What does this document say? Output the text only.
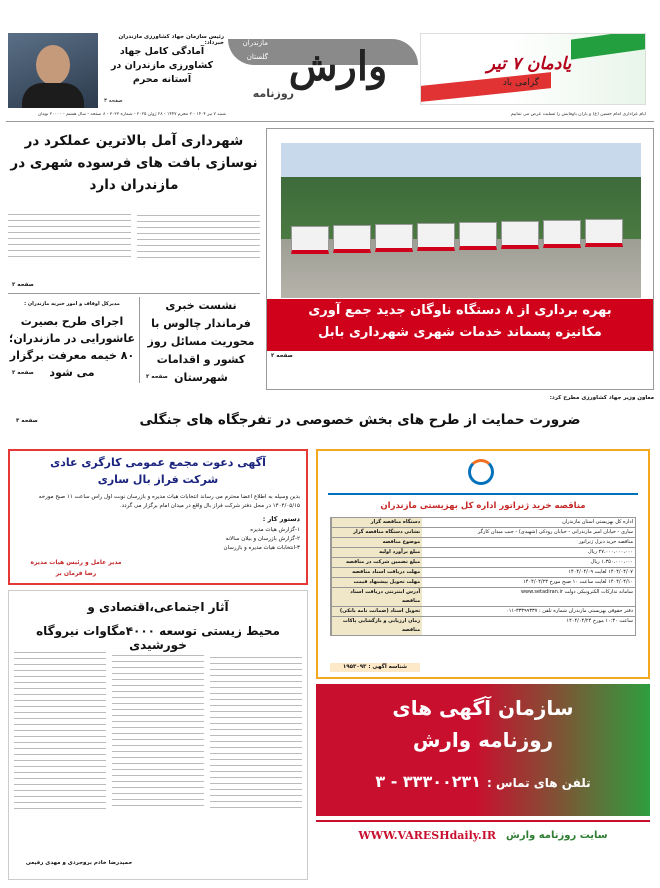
یادمان ۷ تیر
گرامی باد
وارش
روزنامه
مازندران
گلستان
گیلان
رئیس سازمان جهاد کشاورزی مازندران خبرداد:
آمادگی کامل جهاد کشاورزی مازندران در آستانه محرم
صفحه ۳
شنبه ۷ تیر ۱۴۰۴ - ۲ محرم ۱۴۴۷ - ۲۸ ژوئن ۲۰۲۵ - شماره ۳۰۲۳ - ۸ صفحه - سال هشتم - ۲۰۰۰۰ تومان	ایام عزاداری امام حسین (ع) و یاران باوفایش را تسلیت عرض می نماییم
شهرداری آمل بالاترین عملکرد در نوسازی بافت های فرسوده شهری در مازندران دارد
صفحه ۲
مدیرکل اوقاف و امور خیریه مازندران :
اجرای طرح بصیرت عاشورایی در مازندران؛ ۸۰ خیمه معرفت برگزار می شود
صفحه ۲
نشست خبری فرماندار چالوس با محوریت مسائل روز کشور و اقدامات شهرستان
صفحه ۲
بهره برداری از ۸ دستگاه ناوگان جدید جمع آوری
مکانیزه پسماند خدمات شهری شهرداری بابل
صفحه ۲
معاون وزیر جهاد کشاورزی مطرح کرد:
ضرورت حمایت از طرح های بخش خصوصی در تفرجگاه های جنگلی
صفحه ۳
آگهی دعوت مجمع عمومی کارگری عادی
شرکت فراز بال ساری
بدین وسیله به اطلاع اعضا محترم می رساند انتخابات هیات مدیره و بازرسان نوبت اول راس ساعت ۱۱ صبح مورخه ۱۴۰۴/۰۵/۱۵ در محل دفتر شرکت فراز بال واقع در میدان امام برگزار می گردد.
دستور کار :
۱-گزارش هیات مدیره
۲-گزارش بازرسان و بیلان سالانه
۳-انتخابات هیات مدیره و بازرسان
مدیر عامل و رئیس هیات مدیره
رضا فرمان بر
مناقصه خرید ژنراتور اداره کل بهزیستی مازندران
اداره کل بهزیستی استان مازندران
دستگاه مناقصه گزار
ساری - خیابان امیر مازندرانی - خیابان رودکی (شهیدی) - جنب میدان کارگر
نشانی دستگاه مناقصه گزار
مناقصه خرید دیزل ژنراتور
موضوع مناقصه
۲۷،۰۰۰،۰۰۰،۰۰۰ ریال
مبلغ برآورد اولیه
۱،۳۵۰،۰۰۰،۰۰۰ ریال
مبلغ تضمین شرکت در مناقصه
۱۴۰۴/۰۴/۰۷ لغایت ۱۴۰۴/۰۴/۰۹
مهلت دریافت اسناد مناقصه
۱۴۰۴/۰۴/۱۰ لغایت ساعت ۱۰ صبح مورخ ۱۴۰۴/۰۴/۲۳
مهلت تحویل پیشنهاد قیمت
سامانه تدارکات الکترونیکی دولت www.setadiran.ir
آدرس اینترنتی دریافت اسناد مناقصه
دفتر حقوقی بهزیستی مازندران شماره تلفن : ۳۳۳۹۹۳۳۷-۰۱۱
تحویل اسناد (ضمانت نامه بانکی)
ساعت ۱۰:۳۰ مورخ ۱۴۰۴/۰۴/۲۴
زمان ارزیابی و بازگشایی پاکات مناقصه
شناسه آگهی : ۱۹۵۳۰۹۳
آثار اجتماعی،اقتصادی و
محیط زیستی توسعه ۴۰۰۰مگاوات نیروگاه خورشیدی
حمیدرضا خادم بروجردی و مهدی رفیعی
سازمان آگهی های
روزنامه وارش
تلفن های تماس :
۳۳۳۰۰۲۳۱ - ۳
سایت روزنامه وارش
WWW.VARESHdaily.IR
